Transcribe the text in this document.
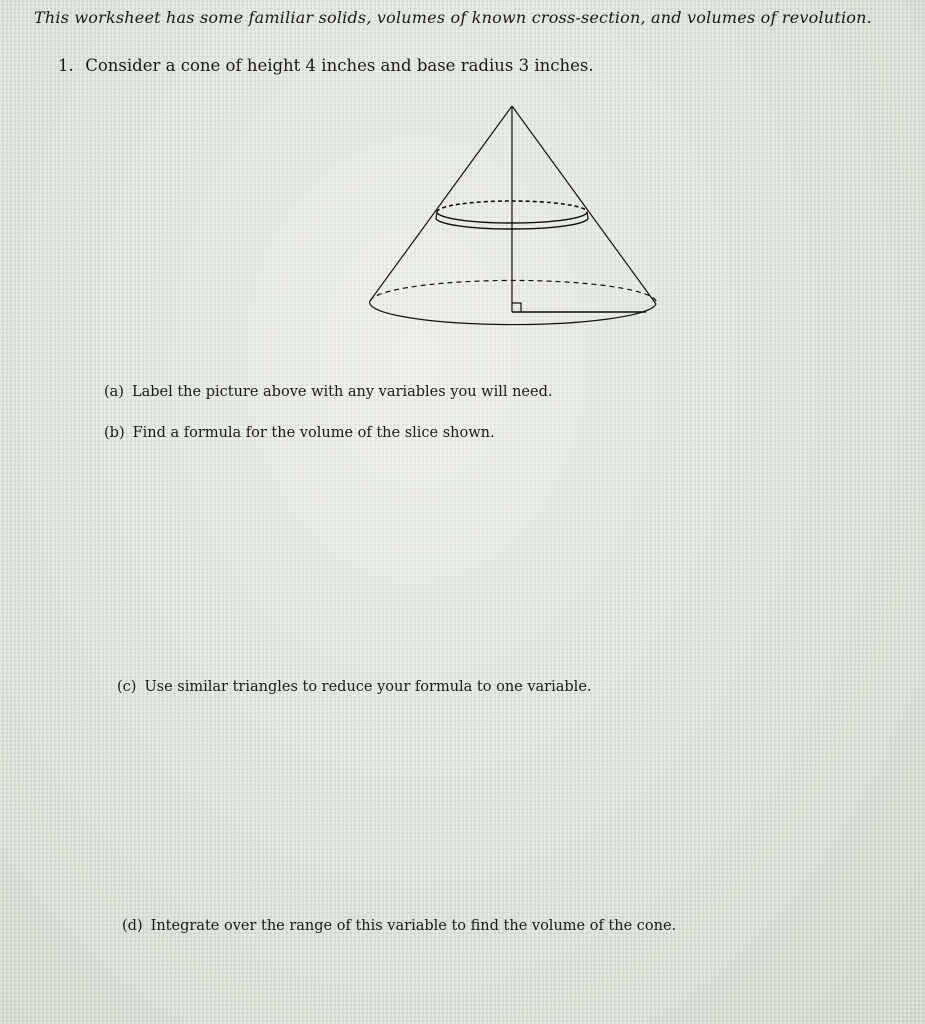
This worksheet has some familiar solids, volumes of known cross-section, and volumes of revolution.
1. Consider a cone of height 4 inches and base radius 3 inches.
(a) Label the picture above with any variables you will need.
(b) Find a formula for the volume of the slice shown.
(c) Use similar triangles to reduce your formula to one variable.
(d) Integrate over the range of this variable to find the volume of the cone.
